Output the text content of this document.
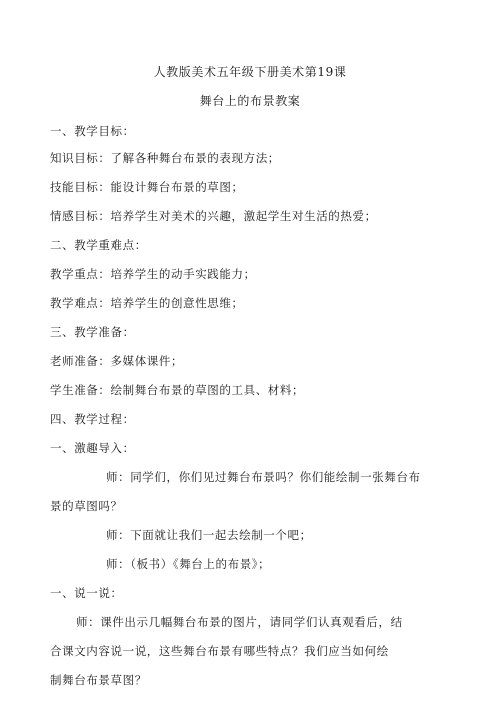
人教版美术五年级下册美术第19课
舞台上的布景教案
一、教学目标：
知识目标：了解各种舞台布景的表现方法；
技能目标：能设计舞台布景的草图；
情感目标：培养学生对美术的兴趣，激起学生对生活的热爱；
二、教学重难点：
教学重点：培养学生的动手实践能力；
教学难点：培养学生的创意性思维；
三、教学准备：
老师准备：多媒体课件；
学生准备：绘制舞台布景的草图的工具、材料；
四、教学过程：
一、激趣导入：
师：同学们，你们见过舞台布景吗？你们能绘制一张舞台布
景的草图吗？
师：下面就让我们一起去绘制一个吧；
师：（板书）《舞台上的布景》；
一、说一说：
师：课件出示几幅舞台布景的图片，请同学们认真观看后，结
合课文内容说一说，这些舞台布景有哪些特点？我们应当如何绘
制舞台布景草图？
